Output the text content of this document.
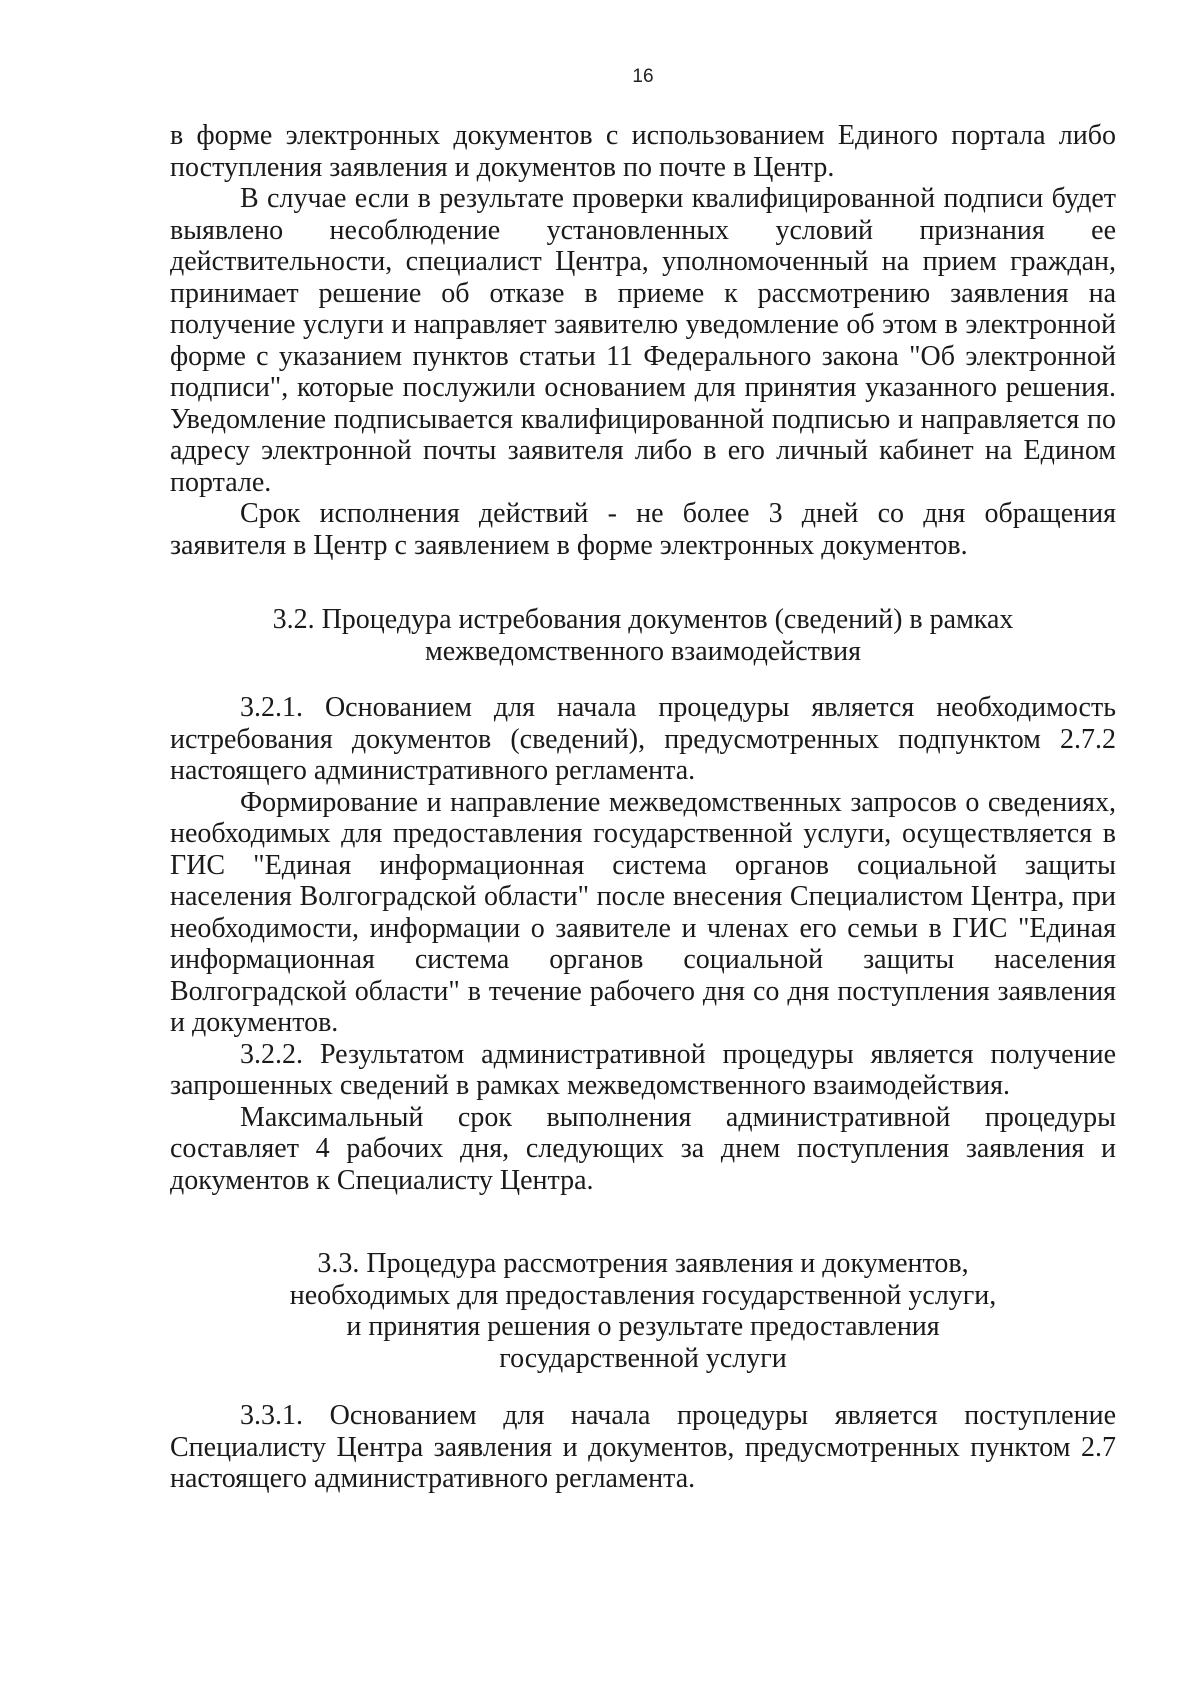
16

в форме электронных документов с использованием Единого портала либо поступления заявления и документов по почте в Центр.

В случае если в результате проверки квалифицированной подписи будет выявлено несоблюдение установленных условий признания ее действительности, специалист Центра, уполномоченный на прием граждан, принимает решение об отказе в приеме к рассмотрению заявления на получение услуги и направляет заявителю уведомление об этом в электронной форме с указанием пунктов статьи 11 Федерального закона "Об электронной подписи", которые послужили основанием для принятия указанного решения. Уведомление подписывается квалифицированной подписью и направляется по адресу электронной почты заявителя либо в его личный кабинет на Едином портале.

Срок исполнения действий - не более 3 дней со дня обращения заявителя в Центр с заявлением в форме электронных документов.

3.2. Процедура истребования документов (сведений) в рамках

межведомственного взаимодействия

3.2.1. Основанием для начала процедуры является необходимость истребования документов (сведений), предусмотренных подпунктом 2.7.2 настоящего административного регламента.

Формирование и направление межведомственных запросов о сведениях, необходимых для предоставления государственной услуги, осуществляется в ГИС "Единая информационная система органов социальной защиты населения Волгоградской области" после внесения Специалистом Центра, при необходимости, информации о заявителе и членах его семьи в ГИС "Единая информационная система органов социальной защиты населения Волгоградской области" в течение рабочего дня со дня поступления заявления и документов.

3.2.2. Результатом административной процедуры является получение запрошенных сведений в рамках межведомственного взаимодействия.

Максимальный срок выполнения административной процедуры составляет 4 рабочих дня, следующих за днем поступления заявления и документов к Специалисту Центра.

3.3. Процедура рассмотрения заявления и документов,

необходимых для предоставления государственной услуги,

и принятия решения о результате предоставления

государственной услуги

3.3.1. Основанием для начала процедуры является поступление Специалисту Центра заявления и документов, предусмотренных пунктом 2.7 настоящего административного регламента.
